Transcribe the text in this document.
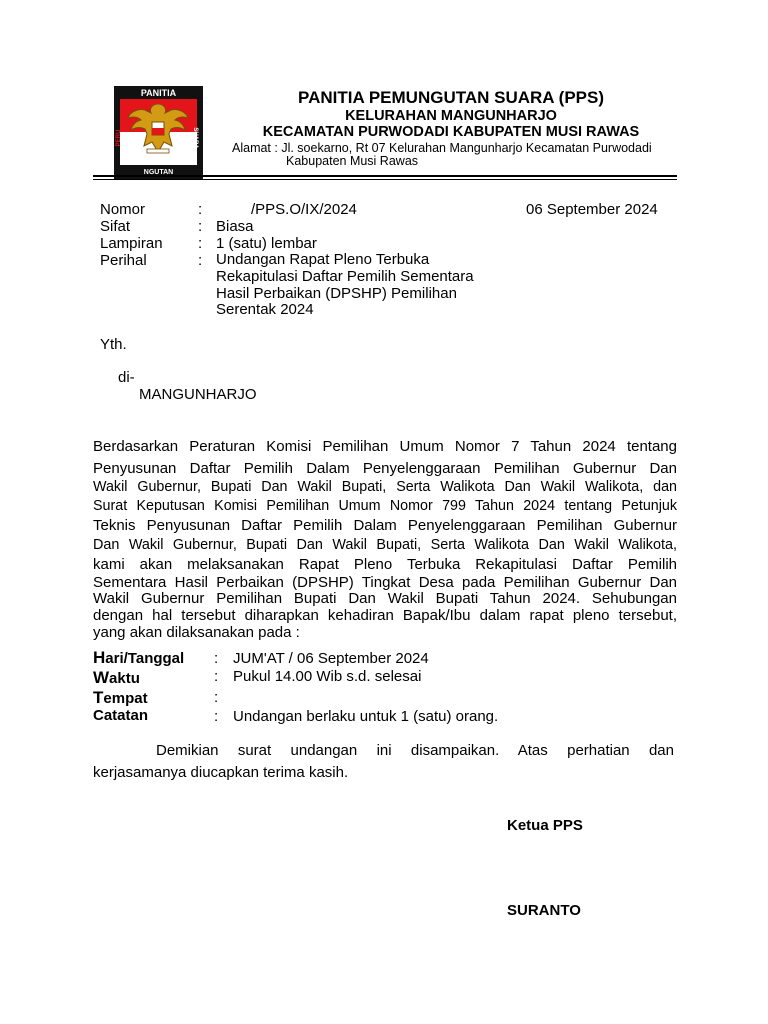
PANITIA
PERU	SUARA
NGUTAN
PANITIA PEMUNGUTAN SUARA (PPS)
KELURAHAN MANGUNHARJO
KECAMATAN PURWODADI KABUPATEN MUSI RAWAS
Alamat : Jl. soekarno, Rt 07 Kelurahan Mangunharjo Kecamatan Purwodadi
Kabupaten Musi Rawas
Nomor	:	/PPS.O/IX/2024	06 September 2024
Sifat	: Biasa
Lampiran : 1 (satu) lembar
Perihal	: Undangan Rapat Pleno Terbuka
Rekapitulasi Daftar Pemilih Sementara
Hasil Perbaikan (DPSHP) Pemilihan
Serentak 2024
Yth.
di-
MANGUNHARJO
Berdasarkan Peraturan Komisi Pemilihan Umum Nomor 7 Tahun 2024 tentang
Penyusunan Daftar Pemilih Dalam Penyelenggaraan Pemilihan Gubernur Dan
Wakil Gubernur, Bupati Dan Wakil Bupati, Serta Walikota Dan Wakil Walikota, dan
Surat Keputusan Komisi Pemilihan Umum Nomor 799 Tahun 2024 tentang Petunjuk
Teknis Penyusunan Daftar Pemilih Dalam Penyelenggaraan Pemilihan Gubernur
Dan Wakil Gubernur, Bupati Dan Wakil Bupati, Serta Walikota Dan Wakil Walikota,
kami akan melaksanakan Rapat Pleno Terbuka Rekapitulasi Daftar Pemilih
Sementara Hasil Perbaikan (DPSHP) Tingkat Desa pada Pemilihan Gubernur Dan
Wakil Gubernur Pemilihan Bupati Dan Wakil Bupati Tahun 2024. Sehubungan
dengan hal tersebut diharapkan kehadiran Bapak/Ibu dalam rapat pleno tersebut,
yang akan dilaksanakan pada :
Hari/Tanggal : JUM'AT / 06 September 2024
Waktu	: Pukul 14.00 Wib s.d. selesai
Tempat	:
Catatan	: Undangan berlaku untuk 1 (satu) orang.
Demikian surat undangan ini disampaikan. Atas perhatian dan
kerjasamanya diucapkan terima kasih.
Ketua PPS
SURANTO
